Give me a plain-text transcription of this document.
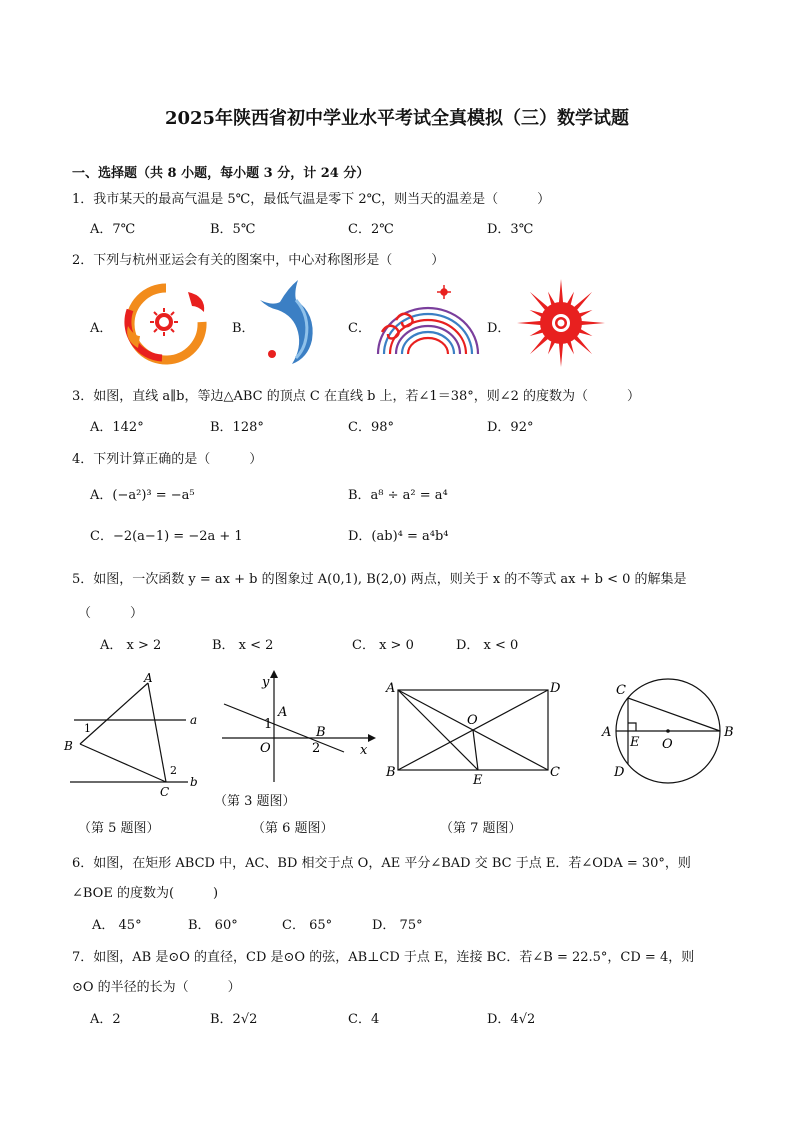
2025年陕西省初中学业水平考试全真模拟（三）数学试题
一、选择题（共 8 小题，每小题 3 分，计 24 分）
1．我市某天的最高气温是 5℃，最低气温是零下 2℃，则当天的温差是（　　　）
A．7℃	B．5℃	C．2℃	D．3℃
2．下列与杭州亚运会有关的图案中，中心对称图形是（　　　）
A．	B．	C．	D．
3．如图，直线 a∥b，等边△ABC 的顶点 C 在直线 b 上，若∠1＝38°，则∠2 的度数为（　　　）
A．142°	B．128°	C．98°	D．92°
4．下列计算正确的是（　　　）
A．(−a²)³ = −a⁵	B．a⁸ ÷ a² = a⁴
C．−2(a−1) = −2a + 1	D．(ab)⁴ = a⁴b⁴
5．如图，一次函数 y = ax + b 的图象过 A(0,1), B(2,0) 两点，则关于 x 的不等式 ax + b < 0 的解集是
（　　　）
A． x > 2	B． x < 2	C． x > 0	D． x < 0
A
B
C
a
b
1
2
（第 5 题图）
y
x
A
B
O
1
2
（第 3 题图）
（第 6 题图）
A
B	C
D
O
E
（第 7 题图）
A	B
C
D
E O
6．如图，在矩形 ABCD 中，AC、BD 相交于点 O，AE 平分∠BAD 交 BC 于点 E．若∠ODA = 30°，则
∠BOE 的度数为(　　　)
A． 45°	B． 60°	C． 65°	D． 75°
7．如图，AB 是⊙O 的直径，CD 是⊙O 的弦，AB⊥CD 于点 E，连接 BC．若∠B = 22.5°，CD = 4，则
⊙O 的半径的长为（　　　）
A．2	B．2√2	C．4	D．4√2
